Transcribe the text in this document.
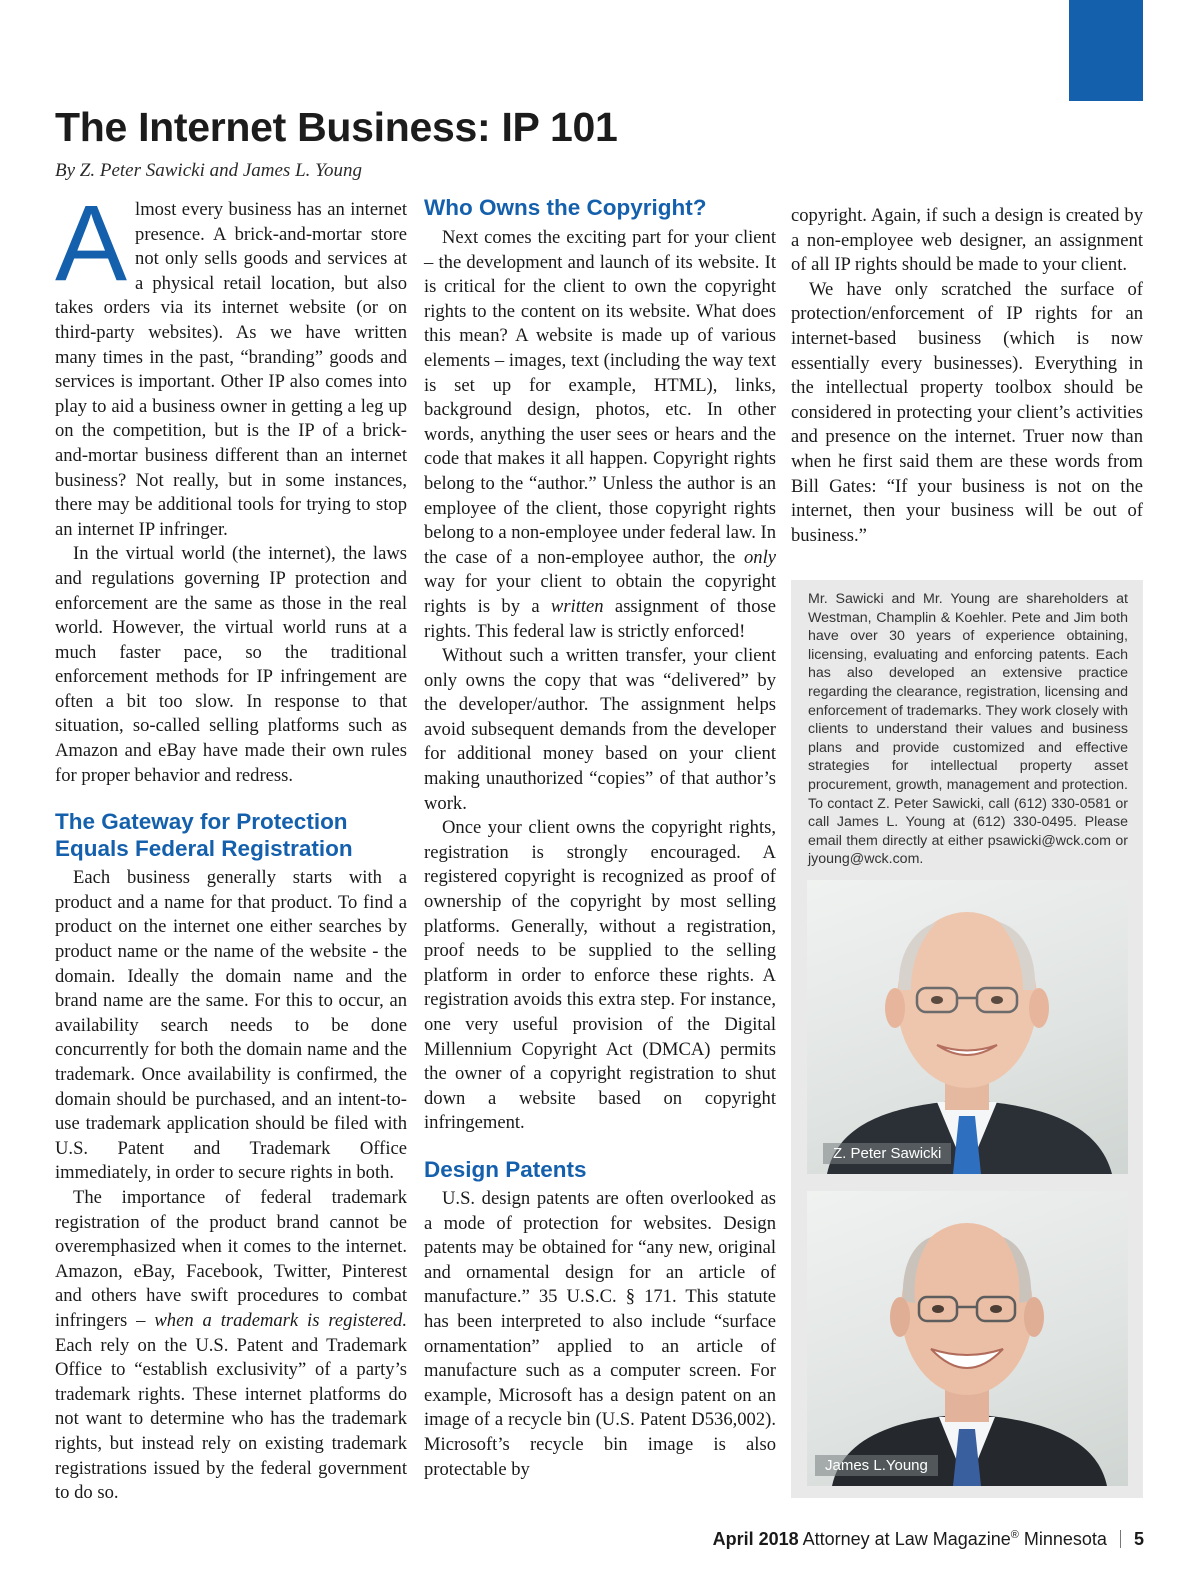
The Internet Business: IP 101

By Z. Peter Sawicki and James L. Young

Almost every business has an internet presence. A brick-and-mortar store not only sells goods and services at a physical retail location, but also takes orders via its internet website (or on third-party websites). As we have written many times in the past, “branding” goods and services is important. Other IP also comes into play to aid a business owner in getting a leg up on the competition, but is the IP of a brick-and-mortar business different than an internet business? Not really, but in some instances, there may be additional tools for trying to stop an internet IP infringer.

In the virtual world (the internet), the laws and regulations governing IP protection and enforcement are the same as those in the real world. However, the virtual world runs at a much faster pace, so the traditional enforcement methods for IP infringement are often a bit too slow. In response to that situation, so-called selling platforms such as Amazon and eBay have made their own rules for proper behavior and redress.

The Gateway for Protection Equals Federal Registration

Each business generally starts with a product and a name for that product. To find a product on the internet one either searches by product name or the name of the website - the domain. Ideally the domain name and the brand name are the same. For this to occur, an availability search needs to be done concurrently for both the domain name and the trademark. Once availability is confirmed, the domain should be purchased, and an intent-to-use trademark application should be filed with U.S. Patent and Trademark Office immediately, in order to secure rights in both.

The importance of federal trademark registration of the product brand cannot be overemphasized when it comes to the internet. Amazon, eBay, Facebook, Twitter, Pinterest and others have swift procedures to combat infringers – when a trademark is registered. Each rely on the U.S. Patent and Trademark Office to “establish exclusivity” of a party’s trademark rights. These internet platforms do not want to determine who has the trademark rights, but instead rely on existing trademark registrations issued by the federal government to do so.

Who Owns the Copyright?

Next comes the exciting part for your client – the development and launch of its website. It is critical for the client to own the copyright rights to the content on its website. What does this mean? A website is made up of various elements – images, text (including the way text is set up for example, HTML), links, background design, photos, etc. In other words, anything the user sees or hears and the code that makes it all happen. Copyright rights belong to the “author.” Unless the author is an employee of the client, those copyright rights belong to a non-employee under federal law. In the case of a non-employee author, the only way for your client to obtain the copyright rights is by a written assignment of those rights. This federal law is strictly enforced!

Without such a written transfer, your client only owns the copy that was “delivered” by the developer/author. The assignment helps avoid subsequent demands from the developer for additional money based on your client making unauthorized “copies” of that author’s work.

Once your client owns the copyright rights, registration is strongly encouraged. A registered copyright is recognized as proof of ownership of the copyright by most selling platforms. Generally, without a registration, proof needs to be supplied to the selling platform in order to enforce these rights. A registration avoids this extra step. For instance, one very useful provision of the Digital Millennium Copyright Act (DMCA) permits the owner of a copyright registration to shut down a website based on copyright infringement.

Design Patents

U.S. design patents are often overlooked as a mode of protection for websites. Design patents may be obtained for “any new, original and ornamental design for an article of manufacture.” 35 U.S.C. § 171. This statute has been interpreted to also include “surface ornamentation” applied to an article of manufacture such as a computer screen. For example, Microsoft has a design patent on an image of a recycle bin (U.S. Patent D536,002). Microsoft’s recycle bin image is also protectable by

copyright. Again, if such a design is created by a non-employee web designer, an assignment of all IP rights should be made to your client.

We have only scratched the surface of protection/enforcement of IP rights for an internet-based business (which is now essentially every businesses). Everything in the intellectual property toolbox should be considered in protecting your client’s activities and presence on the internet. Truer now than when he first said them are these words from Bill Gates: “If your business is not on the internet, then your business will be out of business.”

Mr. Sawicki and Mr. Young are shareholders at Westman, Champlin & Koehler. Pete and Jim both have over 30 years of experience obtaining, licensing, evaluating and enforcing patents. Each has also developed an extensive practice regarding the clearance, registration, licensing and enforcement of trademarks. They work closely with clients to understand their values and business plans and provide customized and effective strategies for intellectual property asset procurement, growth, management and protection. To contact Z. Peter Sawicki, call (612) 330-0581 or call James L. Young at (612) 330-0495. Please email them directly at either psawicki@wck.com or jyoung@wck.com.
Z. Peter Sawicki
James L.Young
April 2018 Attorney at Law Magazine® Minnesota 5
